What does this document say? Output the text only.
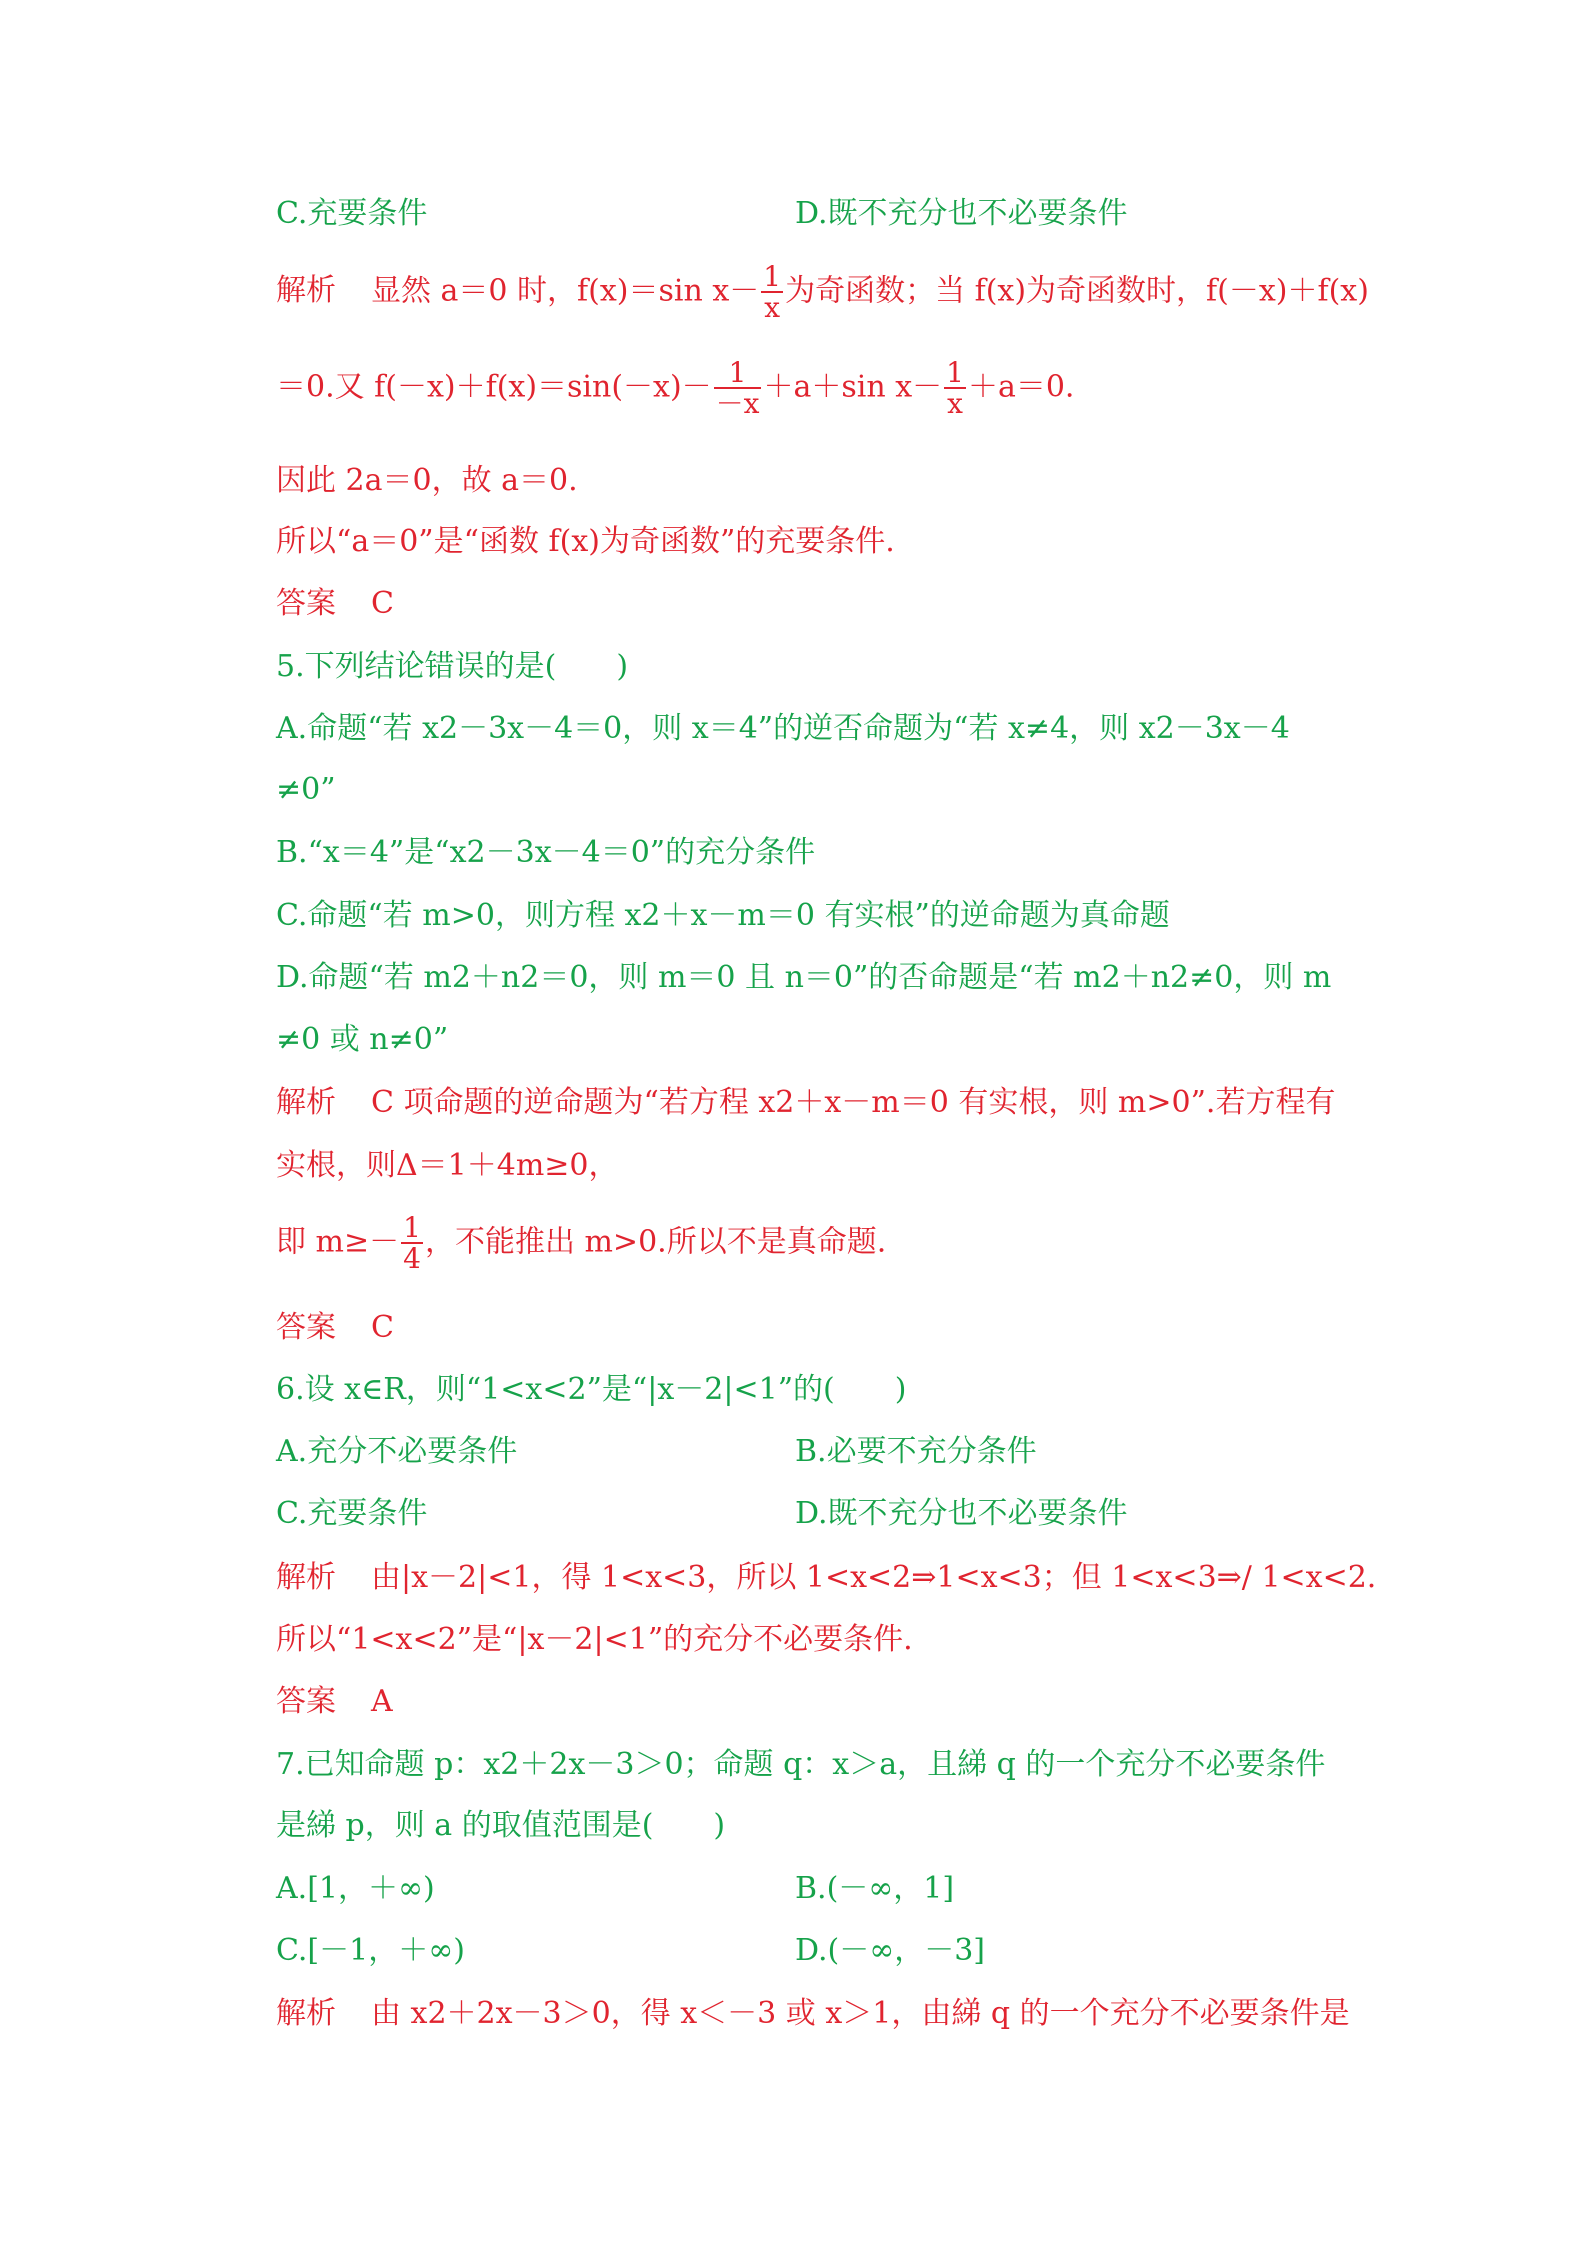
C.充要条件	D.既不充分也不必要条件
解析 显然 a＝0 时，f(x)＝sin $x- \frac{1}{x}$ 为奇函数；当 f(x)为奇函数时，f(－x)＋f(x)
＝0.又 $f(-x)+f(x)=\sin(-x)- \frac{1}{-x} +a+\sin$ $x- \frac{1}{x} +a=0$.
因此 2a＝0，故 a＝0.
所以“a＝0”是“函数 f(x)为奇函数”的充要条件.
答案 C
5.下列结论错误的是(　　)
A.命题“若 x2－3x－4＝0，则 x＝4”的逆否命题为“若 x≠4，则 x2－3x－4
≠0”
B.“x＝4”是“x2－3x－4＝0”的充分条件
C.命题“若 m>0，则方程 x2＋x－m＝0 有实根”的逆命题为真命题
D.命题“若 m2＋n2＝0，则 m＝0 且 n＝0”的否命题是“若 m2＋n2≠0，则 m
≠0 或 n≠0”
解析 C 项命题的逆命题为“若方程 x2＋x－m＝0 有实根，则 m>0”.若方程有
实根，则Δ＝1＋4m≥0，
即 $m\ge- \frac{1}{4}$ ，不能推出 m>0.所以不是真命题.
答案 C
6.设 x∈R，则“1<x<2”是“|x－2|<1”的(　　)
A.充分不必要条件	B.必要不充分条件
C.充要条件	D.既不充分也不必要条件
解析 由|x－2|<1，得 1<x<3，所以 1<x<2⇒1<x<3；但 1<x<3⇒/ 1<x<2.
所以“1<x<2”是“|x－2|<1”的充分不必要条件.
答案 A
7.已知命题 p：x2＋2x－3＞0；命题 q：x＞a，且綈 q 的一个充分不必要条件
是綈 p，则 a 的取值范围是(　　)
A.[1，＋∞)	B.(－∞，1]
C.[－1，＋∞)	D.(－∞，－3]
解析 由 x2＋2x－3＞0，得 x＜－3 或 x＞1，由綈 q 的一个充分不必要条件是
